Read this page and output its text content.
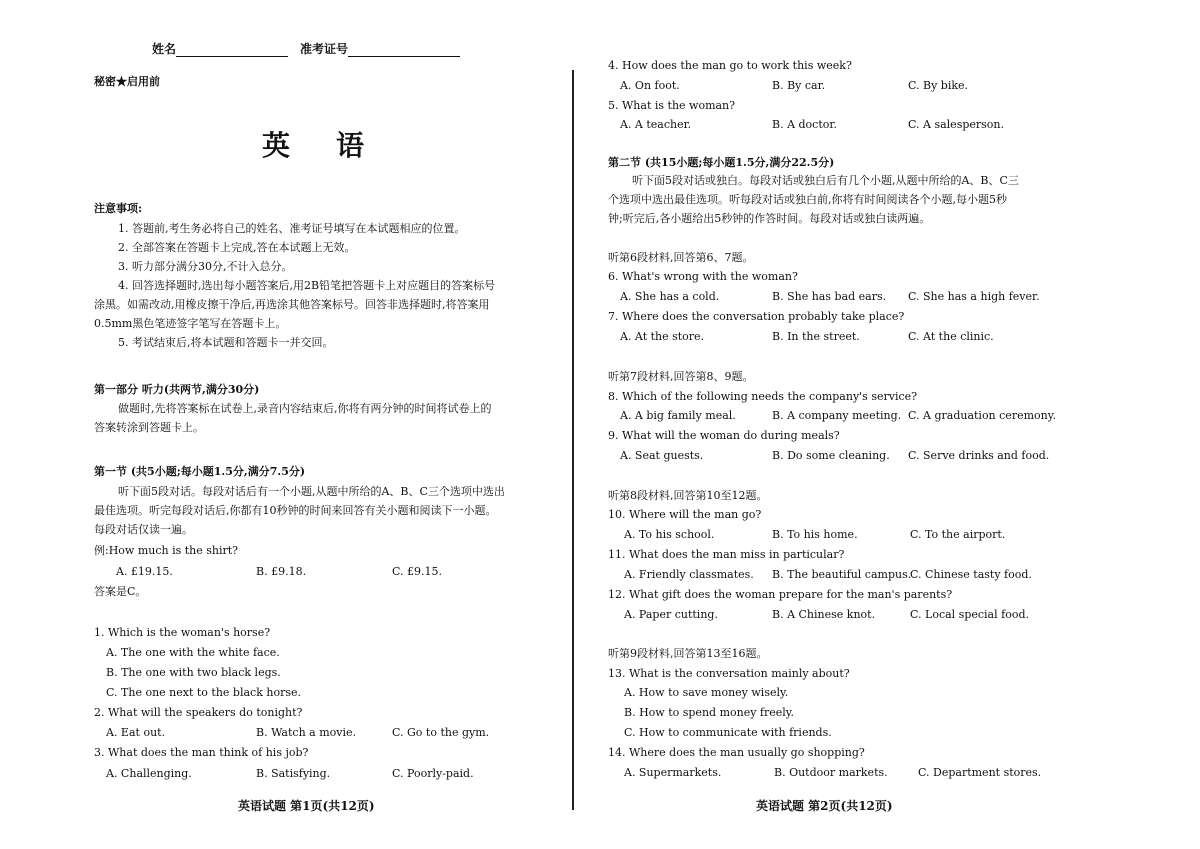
姓名	准考证号
秘密★启用前
英语
注意事项:
1. 答题前,考生务必将自己的姓名、准考证号填写在本试题相应的位置。
2. 全部答案在答题卡上完成,答在本试题上无效。
3. 听力部分满分30分,不计入总分。
4. 回答选择题时,选出每小题答案后,用2B铅笔把答题卡上对应题目的答案标号
涂黑。如需改动,用橡皮擦干净后,再选涂其他答案标号。回答非选择题时,将答案用
0.5mm黑色笔迹签字笔写在答题卡上。
5. 考试结束后,将本试题和答题卡一并交回。
第一部分 听力(共两节,满分30分)
做题时,先将答案标在试卷上,录音内容结束后,你将有两分钟的时间将试卷上的
答案转涂到答题卡上。
第一节 (共5小题;每小题1.5分,满分7.5分)
听下面5段对话。每段对话后有一个小题,从题中所给的A、B、C三个选项中选出
最佳选项。听完每段对话后,你都有10秒钟的时间来回答有关小题和阅读下一小题。
每段对话仅读一遍。
例:How much is the shirt?
A. £19.15.	B. £9.18.	C. £9.15.
答案是C。
1. Which is the woman's horse?
A. The one with the white face.
B. The one with two black legs.
C. The one next to the black horse.
2. What will the speakers do tonight?
A. Eat out.	B. Watch a movie.	C. Go to the gym.
3. What does the man think of his job?
A. Challenging.	B. Satisfying.	C. Poorly-paid.
英语试题 第1页(共12页)
4. How does the man go to work this week?
A. On foot.	B. By car.	C. By bike.
5. What is the woman?
A. A teacher.	B. A doctor.	C. A salesperson.
第二节 (共15小题;每小题1.5分,满分22.5分)
听下面5段对话或独白。每段对话或独白后有几个小题,从题中所给的A、B、C三
个选项中选出最佳选项。听每段对话或独白前,你将有时间阅读各个小题,每小题5秒
钟;听完后,各小题给出5秒钟的作答时间。每段对话或独白读两遍。
听第6段材料,回答第6、7题。
6. What's wrong with the woman?
A. She has a cold.	B. She has bad ears. C. She has a high fever.
7. Where does the conversation probably take place?
A. At the store.	B. In the street.	C. At the clinic.
听第7段材料,回答第8、9题。
8. Which of the following needs the company's service?
A. A big family meal.	B. A company meeting. C. A graduation ceremony.
9. What will the woman do during meals?
A. Seat guests.	B. Do some cleaning. C. Serve drinks and food.
听第8段材料,回答第10至12题。
10. Where will the man go?
A. To his school.	B. To his home.	C. To the airport.
11. What does the man miss in particular?
A. Friendly classmates. B. The beautiful campus.
C. Chinese tasty food.
12. What gift does the woman prepare for the man's parents?
A. Paper cutting.	B. A Chinese knot.	C. Local special food.
听第9段材料,回答第13至16题。
13. What is the conversation mainly about?
A. How to save money wisely.
B. How to spend money freely.
C. How to communicate with friends.
14. Where does the man usually go shopping?
A. Supermarkets.	B. Outdoor markets.	C. Department stores.
英语试题 第2页(共12页)
